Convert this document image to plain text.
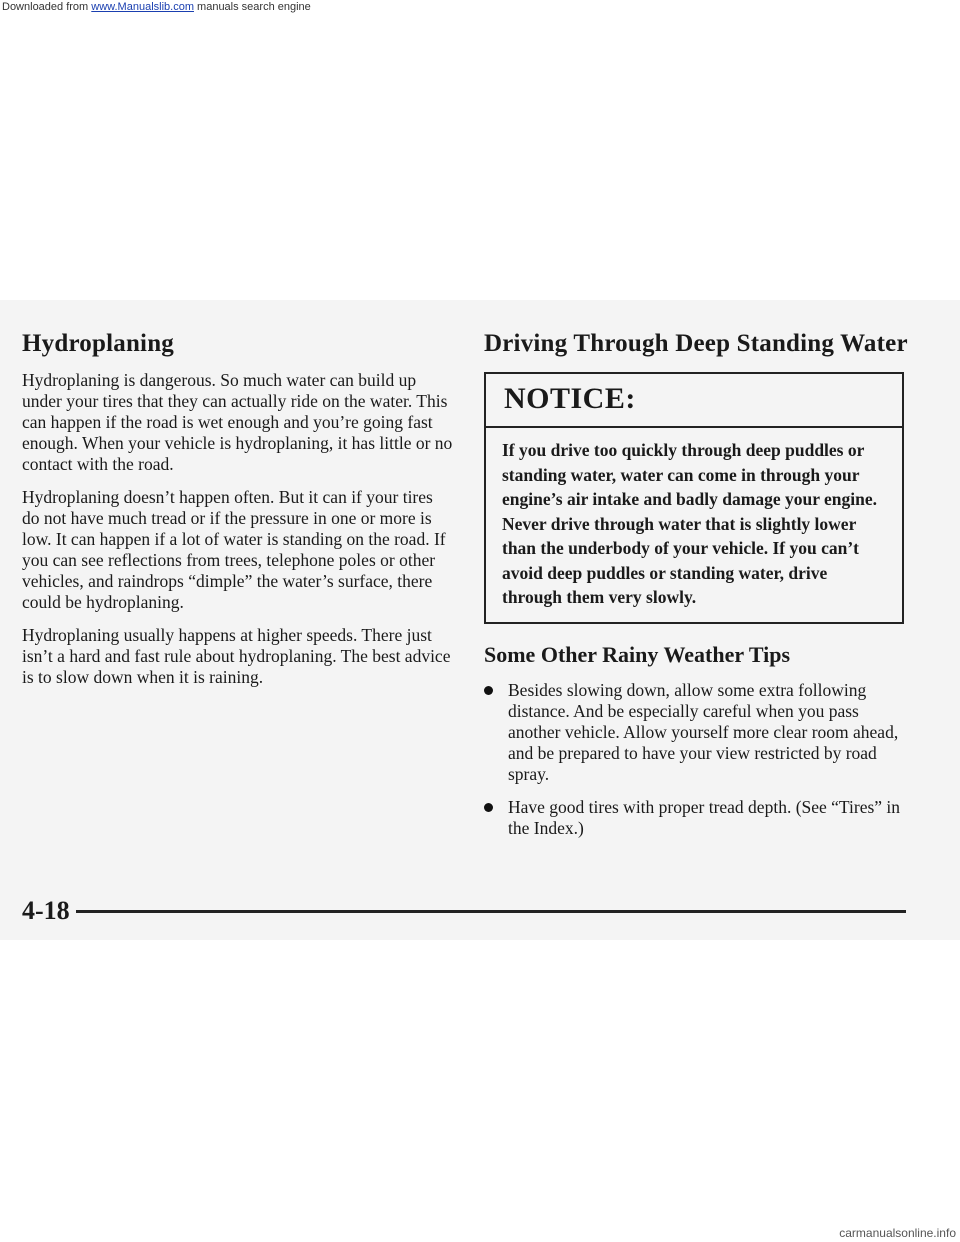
Hydroplaning

Hydroplaning is dangerous. So much water can build up under your tires that they can actually ride on the water. This can happen if the road is wet enough and you’re going fast enough. When your vehicle is hydroplaning, it has little or no contact with the road.

Hydroplaning doesn’t happen often. But it can if your tires do not have much tread or if the pressure in one or more is low. It can happen if a lot of water is standing on the road. If you can see reflections from trees, telephone poles or other vehicles, and raindrops “dimple” the water’s surface, there could be hydroplaning.

Hydroplaning usually happens at higher speeds. There just isn’t a hard and fast rule about hydroplaning. The best advice is to slow down when it is raining.

Driving Through Deep Standing Water
NOTICE:
If you drive too quickly through deep puddles or standing water, water can come in through your engine’s air intake and badly damage your engine. Never drive through water that is slightly lower than the underbody of your vehicle. If you can’t avoid deep puddles or standing water, drive through them very slowly.
Some Other Rainy Weather Tips
Besides slowing down, allow some extra following distance. And be especially careful when you pass another vehicle. Allow yourself more clear room ahead, and be prepared to have your view restricted by road spray.
Have good tires with proper tread depth. (See “Tires” in the Index.)
4-18
Downloaded from www.Manualslib.com manuals search engine
carmanualsonline.info
